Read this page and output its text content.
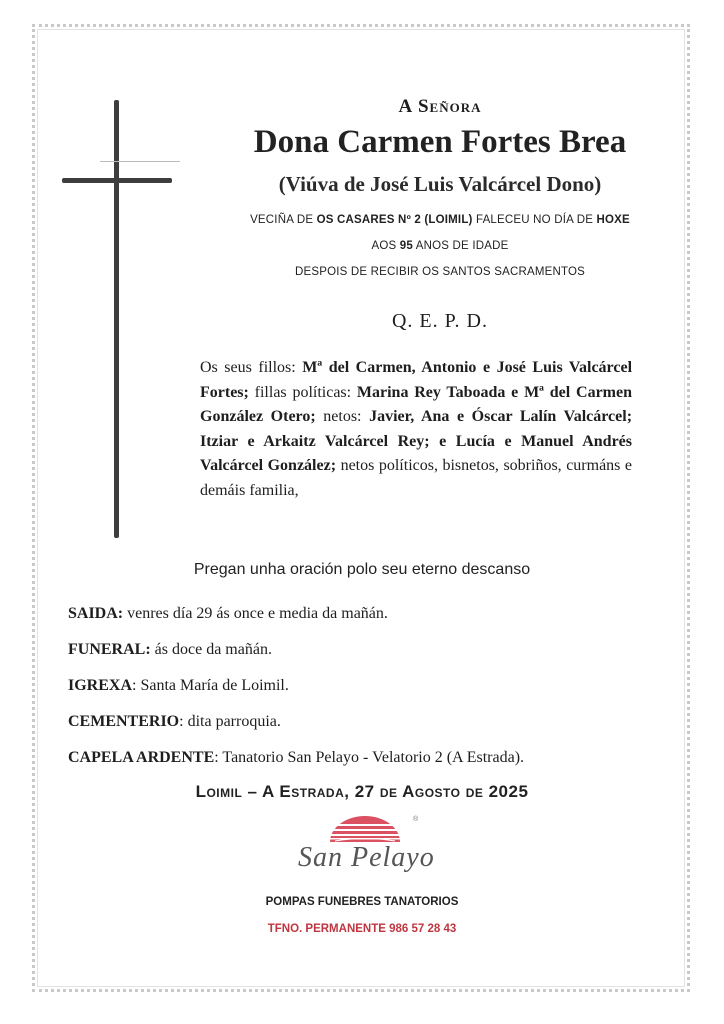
A Señora
Dona Carmen Fortes Brea
(Viúva de José Luis Valcárcel Dono)
VECIÑA DE OS CASARES Nº 2 (LOIMIL) FALECEU NO DÍA DE HOXE
AOS 95 ANOS DE IDADE
DESPOIS DE RECIBIR OS SANTOS SACRAMENTOS
Q. E. P. D.
Os seus fillos: Mª del Carmen, Antonio e José Luis Valcárcel Fortes; fillas políticas: Marina Rey Taboada e Mª del Carmen González Otero; netos: Javier, Ana e Óscar Lalín Valcárcel; Itziar e Arkaitz Valcárcel Rey; e Lucía e Manuel Andrés Valcárcel González; netos políticos, bisnetos, sobriños, curmáns e demáis familia,
Pregan unha oración polo seu eterno descanso
SAIDA: venres día 29 ás once e media da mañán.
FUNERAL: ás doce da mañán.
IGREXA: Santa María de Loimil.
CEMENTERIO: dita parroquia.
CAPELA ARDENTE: Tanatorio San Pelayo - Velatorio 2 (A Estrada).
Loimil – A Estrada, 27 de Agosto de 2025
®
San Pelayo
POMPAS FUNEBRES TANATORIOS
TFNO. PERMANENTE 986 57 28 43
